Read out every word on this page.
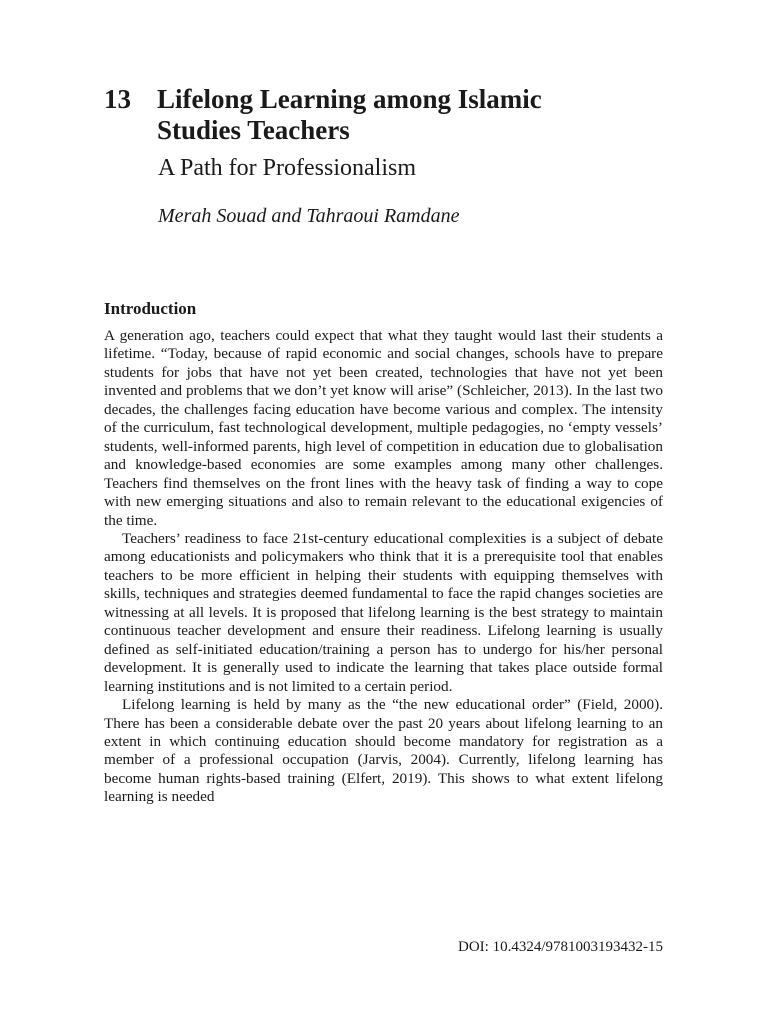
13 Lifelong Learning among Islamic Studies Teachers
A Path for Professionalism
Merah Souad and Tahraoui Ramdane
Introduction

A generation ago, teachers could expect that what they taught would last their students a lifetime. “Today, because of rapid economic and social changes, schools have to prepare students for jobs that have not yet been created, technologies that have not yet been invented and problems that we don’t yet know will arise” (Schleicher, 2013). In the last two decades, the challenges facing education have become various and complex. The intensity of the curriculum, fast technological development, multiple pedagogies, no ‘empty vessels’ students, well-informed parents, high level of competition in education due to globalisation and knowledge-based economies are some examples among many other challenges. Teachers find themselves on the front lines with the heavy task of finding a way to cope with new emerging situations and also to remain relevant to the educational exigencies of the time.

Teachers’ readiness to face 21st-century educational complexities is a subject of debate among educationists and policymakers who think that it is a prerequisite tool that enables teachers to be more efficient in helping their students with equipping themselves with skills, techniques and strategies deemed fundamental to face the rapid changes societies are witnessing at all levels. It is proposed that lifelong learning is the best strategy to maintain continuous teacher development and ensure their readiness. Lifelong learning is usually defined as self-initiated education/training a person has to undergo for his/her personal development. It is generally used to indicate the learning that takes place outside formal learning institutions and is not limited to a certain period.

Lifelong learning is held by many as the “the new educational order” (Field, 2000). There has been a considerable debate over the past 20 years about lifelong learning to an extent in which continuing education should become mandatory for registration as a member of a professional occupation (Jarvis, 2004). Currently, lifelong learning has become human rights-based training (Elfert, 2019). This shows to what extent lifelong learning is needed

DOI: 10.4324/9781003193432-15
